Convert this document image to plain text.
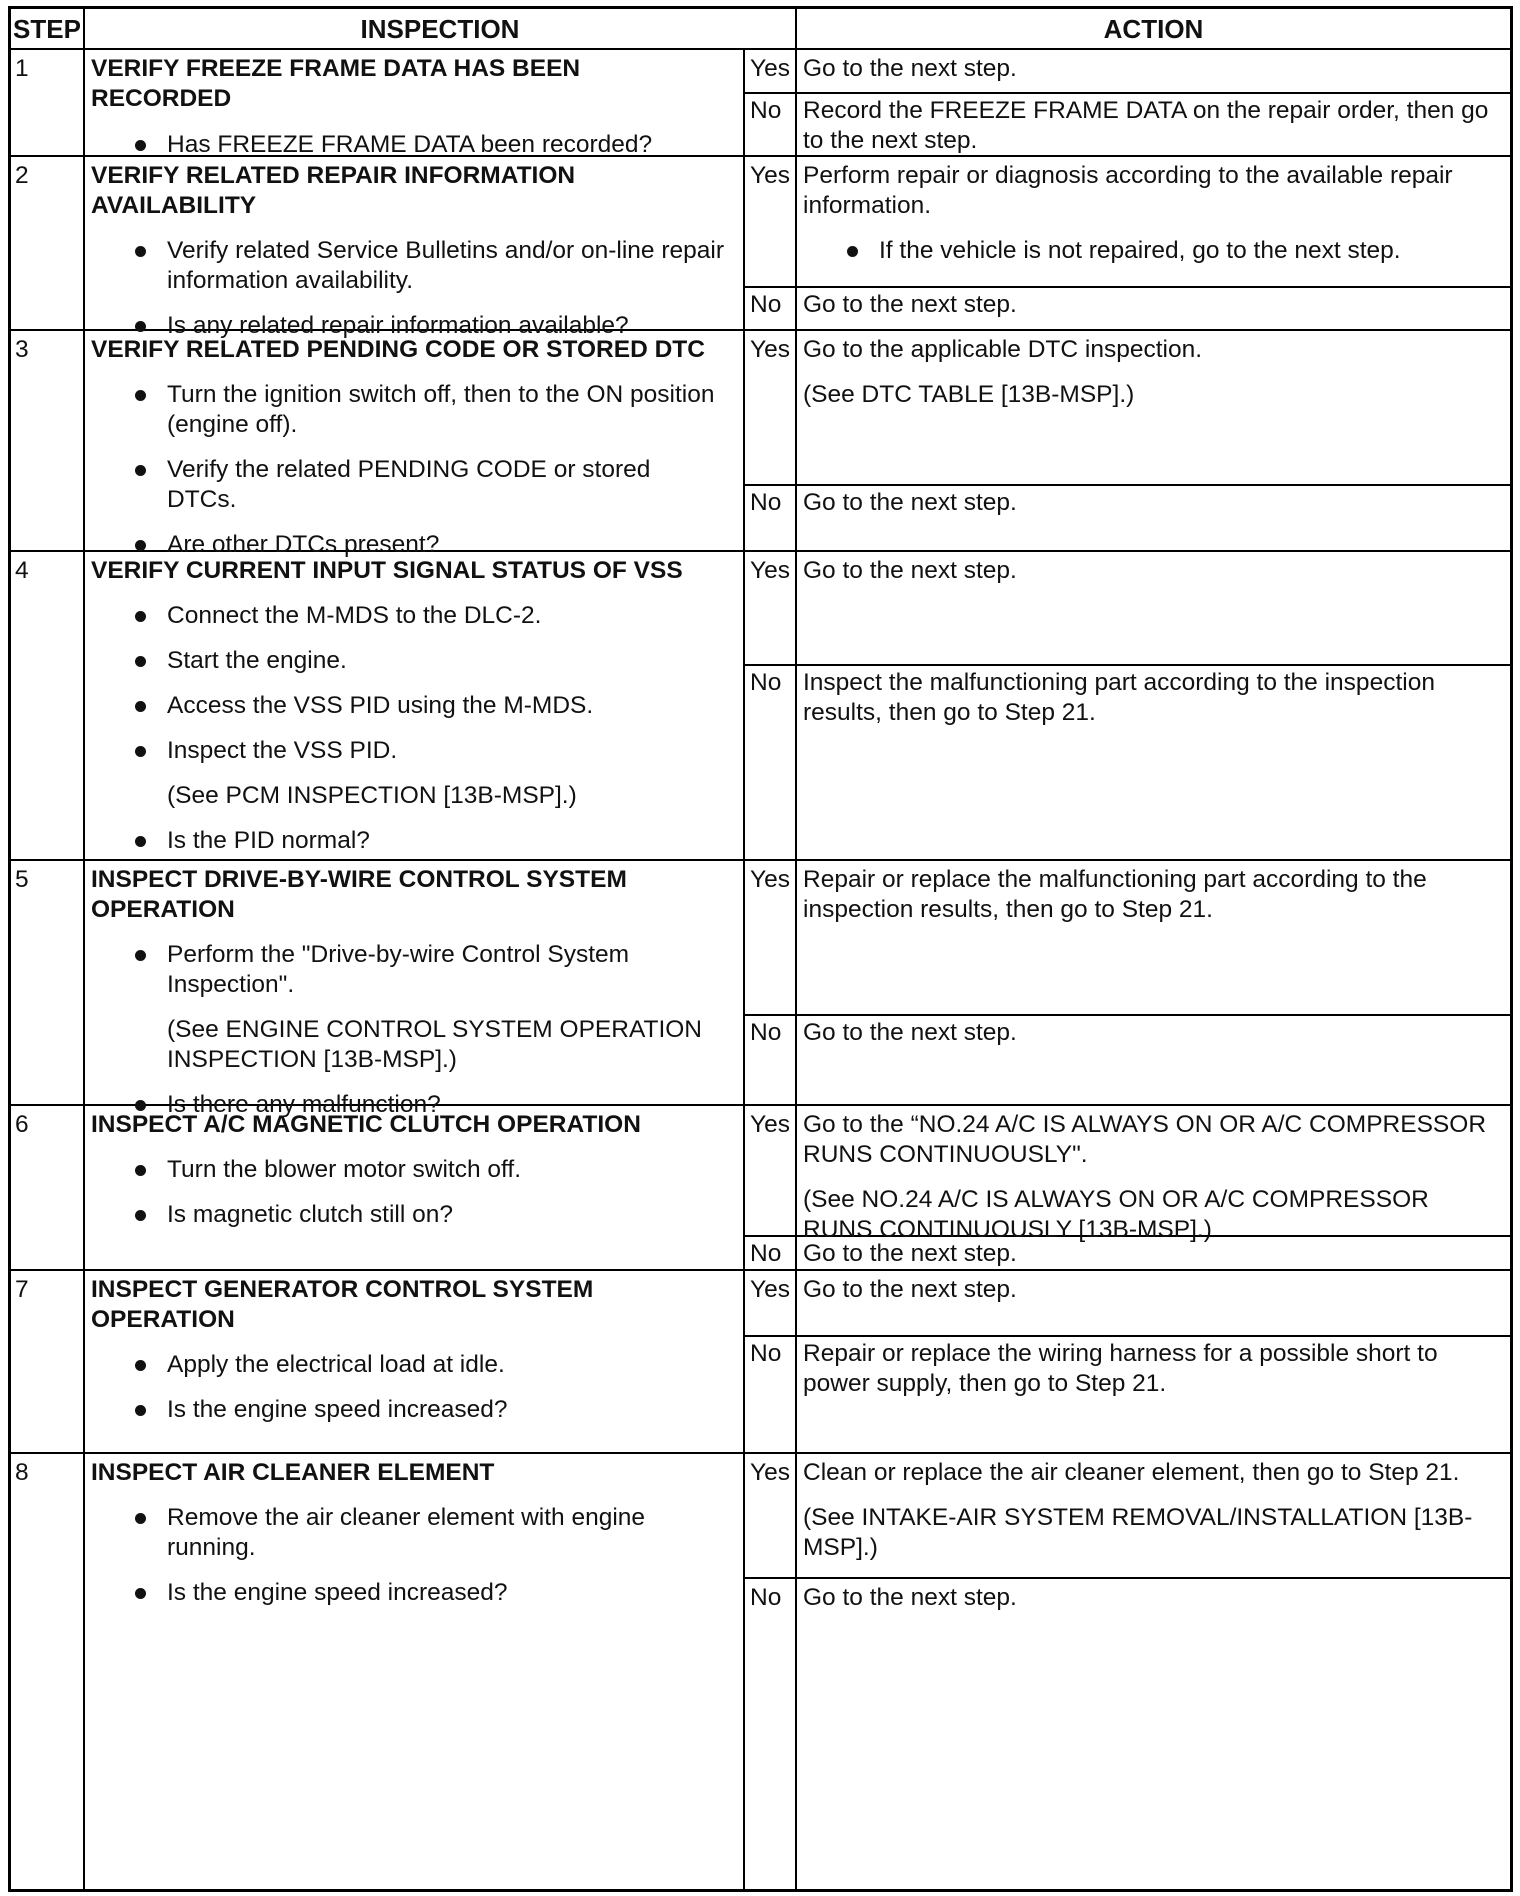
STEP	INSPECTION	ACTION
1	VERIFY FREEZE FRAME DATA HAS BEEN RECORDED
Has FREEZE FRAME DATA been recorded?
Yes Go to the next step.
No Record the FREEZE FRAME DATA on the repair order, then go to the next step.
2	VERIFY RELATED REPAIR INFORMATION AVAILABILITY
Verify related Service Bulletins and/or on-line repair information availability.
Is any related repair information available?
Yes Perform repair or diagnosis according to the available repair information.
If the vehicle is not repaired, go to the next step.
No Go to the next step.
3	VERIFY RELATED PENDING CODE OR STORED DTC
Turn the ignition switch off, then to the ON position (engine off).
Verify the related PENDING CODE or stored DTCs.
Are other DTCs present?
Yes Go to the applicable DTC inspection.
(See DTC TABLE [13B-MSP].)
No Go to the next step.
4	VERIFY CURRENT INPUT SIGNAL STATUS OF VSS
Connect the M-MDS to the DLC-2.
Start the engine.
Access the VSS PID using the M-MDS.
Inspect the VSS PID.
(See PCM INSPECTION [13B-MSP].)
Is the PID normal?
Yes Go to the next step.
No Inspect the malfunctioning part according to the inspection results, then go to Step 21.
5	INSPECT DRIVE-BY-WIRE CONTROL SYSTEM OPERATION
Perform the "Drive-by-wire Control System Inspection".
(See ENGINE CONTROL SYSTEM OPERATION INSPECTION [13B-MSP].)
Is there any malfunction?
Yes Repair or replace the malfunctioning part according to the inspection results, then go to Step 21.
No Go to the next step.
6	INSPECT A/C MAGNETIC CLUTCH OPERATION
Turn the blower motor switch off.
Is magnetic clutch still on?
Yes Go to the “NO.24 A/C IS ALWAYS ON OR A/C COMPRESSOR RUNS CONTINUOUSLY".
(See NO.24 A/C IS ALWAYS ON OR A/C COMPRESSOR RUNS CONTINUOUSLY [13B-MSP].)
No Go to the next step.
7	INSPECT GENERATOR CONTROL SYSTEM OPERATION
Apply the electrical load at idle.
Is the engine speed increased?
Yes Go to the next step.
No Repair or replace the wiring harness for a possible short to power supply, then go to Step 21.
8	INSPECT AIR CLEANER ELEMENT
Remove the air cleaner element with engine running.
Is the engine speed increased?
Yes Clean or replace the air cleaner element, then go to Step 21.
(See INTAKE-AIR SYSTEM REMOVAL/INSTALLATION [13B-MSP].)
No Go to the next step.
